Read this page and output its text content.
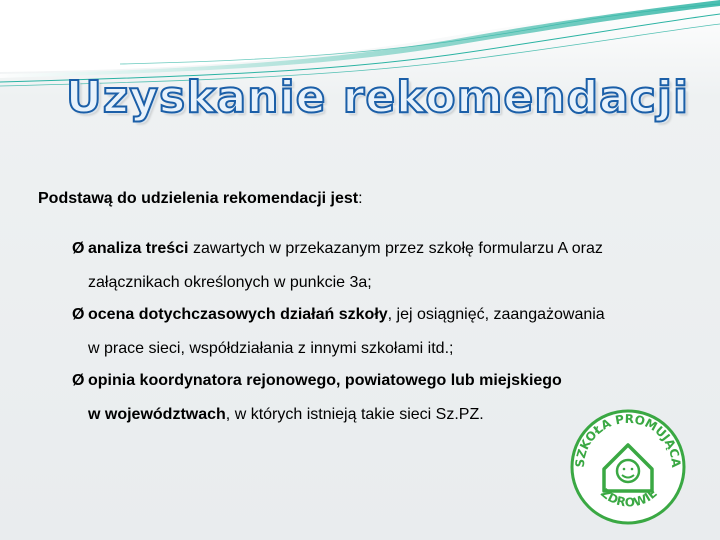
Uzyskanie rekomendacji
Podstawą do udzielenia rekomendacji jest:
Ø analiza treści zawartych w przekazanym przez szkołę formularzu A oraz
załącznikach określonych w punkcie 3a;
Ø ocena dotychczasowych działań szkoły, jej osiągnięć, zaangażowania
w prace sieci, współdziałania z innymi szkołami itd.;
Ø opinia koordynatora rejonowego, powiatowego lub miejskiego
w województwach, w których istnieją takie sieci Sz.PZ.
SZKOŁA PROMUJĄCA
ZDROWIE
